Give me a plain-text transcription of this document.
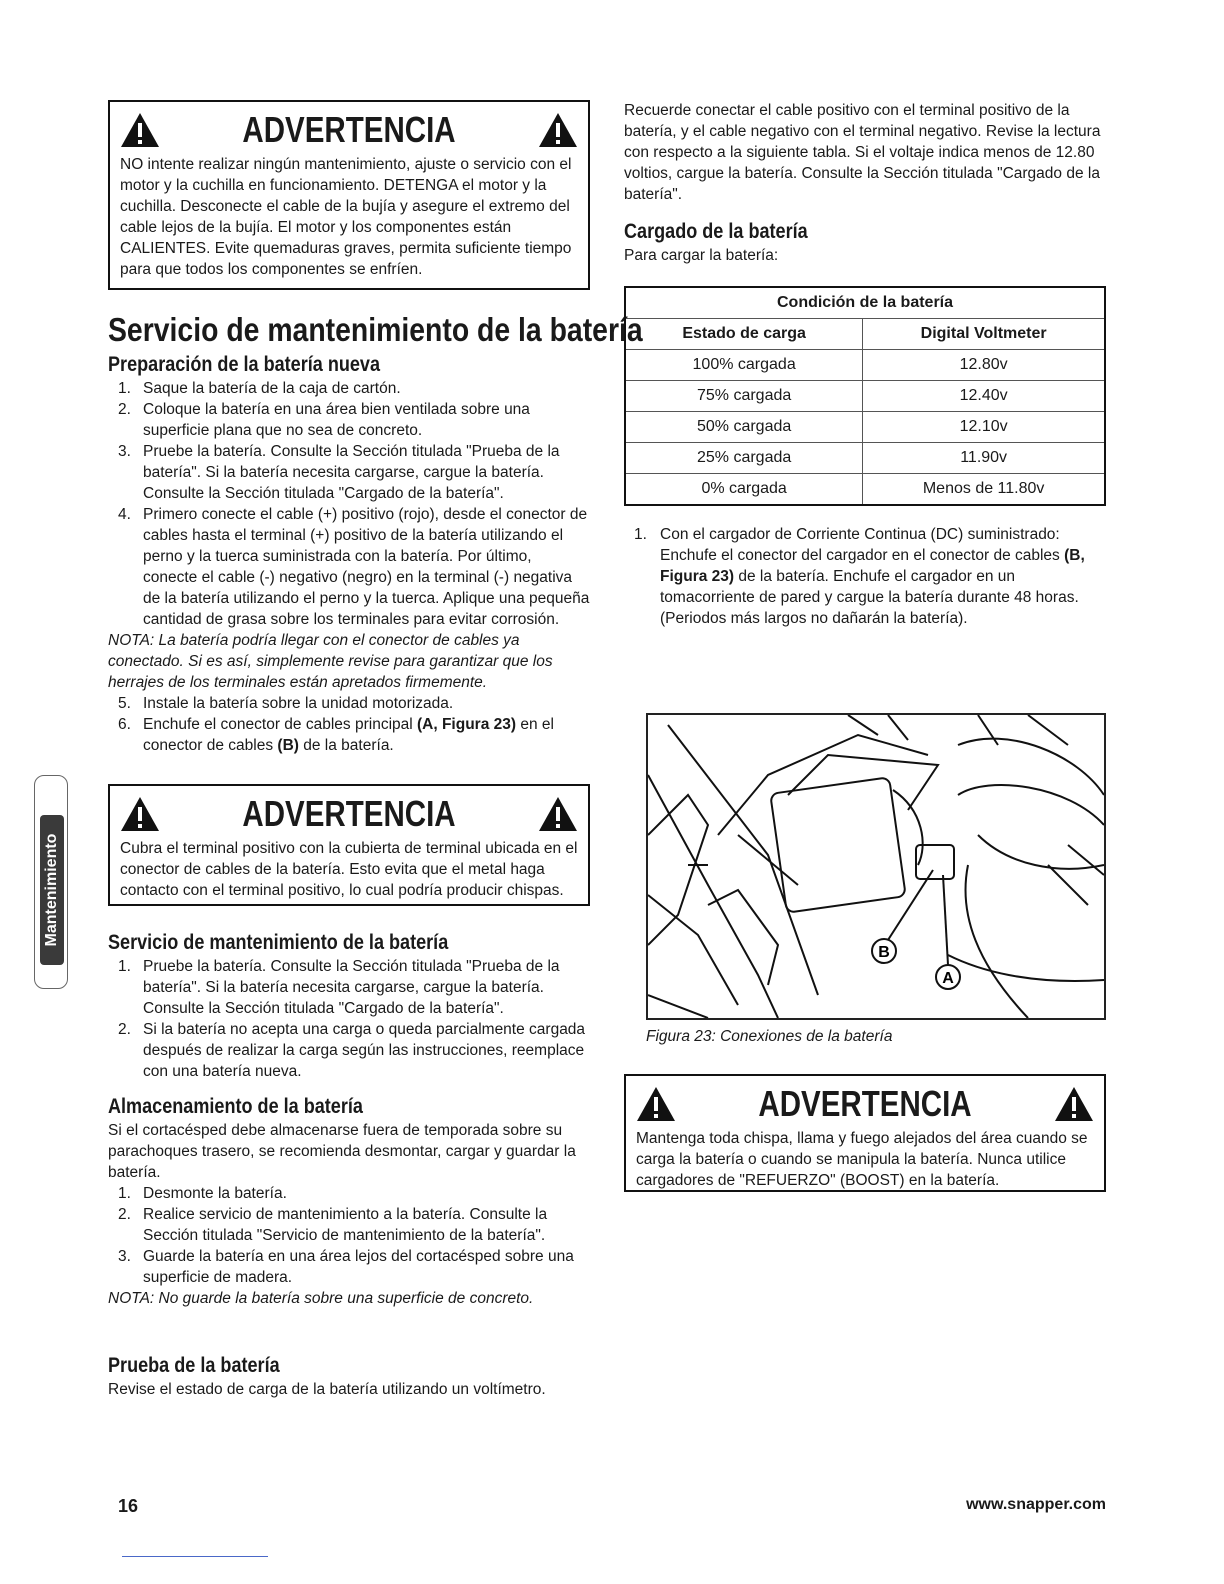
Mantenimiento
ADVERTENCIA
NO intente realizar ningún mantenimiento, ajuste o servicio con el motor y la cuchilla en funcionamiento. DETENGA el motor y la cuchilla. Desconecte el cable de la bujía y asegure el extremo del cable lejos de la bujía. El motor y los componentes están CALIENTES. Evite quemaduras graves, permita suficiente tiempo para que todos los componentes se enfríen.
Servicio de mantenimiento de la batería
Preparación de la batería nueva
1. Saque la batería de la caja de cartón.
2. Coloque la batería en una área bien ventilada sobre una superficie plana que no sea de concreto.
3. Pruebe la batería. Consulte la Sección titulada "Prueba de la batería". Si la batería necesita cargarse, cargue la batería. Consulte la Sección titulada "Cargado de la batería".
4. Primero conecte el cable (+) positivo (rojo), desde el conector de cables hasta el terminal (+) positivo de la batería utilizando el perno y la tuerca suministrada con la batería. Por último, conecte el cable (-) negativo (negro) en la terminal (-) negativa de la batería utilizando el perno y la tuerca. Aplique una pequeña cantidad de grasa sobre los terminales para evitar corrosión.

NOTA: La batería podría llegar con el conector de cables ya conectado. Si es así, simplemente revise para garantizar que los herrajes de los terminales están apretados firmemente.

5. Instale la batería sobre la unidad motorizada.
6. Enchufe el conector de cables principal (A, Figura 23) en el conector de cables (B) de la batería.
ADVERTENCIA
Cubra el terminal positivo con la cubierta de terminal ubicada en el conector de cables de la batería. Esto evita que el metal haga contacto con el terminal positivo, lo cual podría producir chispas.
Servicio de mantenimiento de la batería
1. Pruebe la batería. Consulte la Sección titulada "Prueba de la batería". Si la batería necesita cargarse, cargue la batería. Consulte la Sección titulada "Cargado de la batería".
2. Si la batería no acepta una carga o queda parcialmente cargada después de realizar la carga según las instrucciones, reemplace con una batería nueva.
Almacenamiento de la batería

Si el cortacésped debe almacenarse fuera de temporada sobre su parachoques trasero, se recomienda desmontar, cargar y guardar la batería.

1. Desmonte la batería.
2. Realice servicio de mantenimiento a la batería. Consulte la Sección titulada "Servicio de mantenimiento de la batería".
3. Guarde la batería en una área lejos del cortacésped sobre una superficie de madera.

NOTA: No guarde la batería sobre una superficie de concreto.

Prueba de la batería

Revise el estado de carga de la batería utilizando un voltímetro.

Recuerde conectar el cable positivo con el terminal positivo de la batería, y el cable negativo con el terminal negativo. Revise la lectura con respecto a la siguiente tabla. Si el voltaje indica menos de 12.80 voltios, cargue la batería. Consulte la Sección titulada "Cargado de la batería".

Cargado de la batería

Para cargar la batería:

Condición de la batería	
Estado de carga	Digital Voltmeter
100% cargada	12.80v
75% cargada	12.40v
50% cargada	12.10v
25% cargada	11.90v
0% cargada	Menos de 11.80v
1. Con el cargador de Corriente Continua (DC) suministrado: Enchufe el conector del cargador en el conector de cables (B, Figura 23) de la batería. Enchufe el cargador en un tomacorriente de pared y cargue la batería durante 48 horas. (Periodos más largos no dañarán la batería).
B
A
Figura 23: Conexiones de la batería
ADVERTENCIA
Mantenga toda chispa, llama y fuego alejados del área cuando se carga la batería o cuando se manipula la batería. Nunca utilice cargadores de "REFUERZO" (BOOST) en la batería.
16	www.snapper.com
